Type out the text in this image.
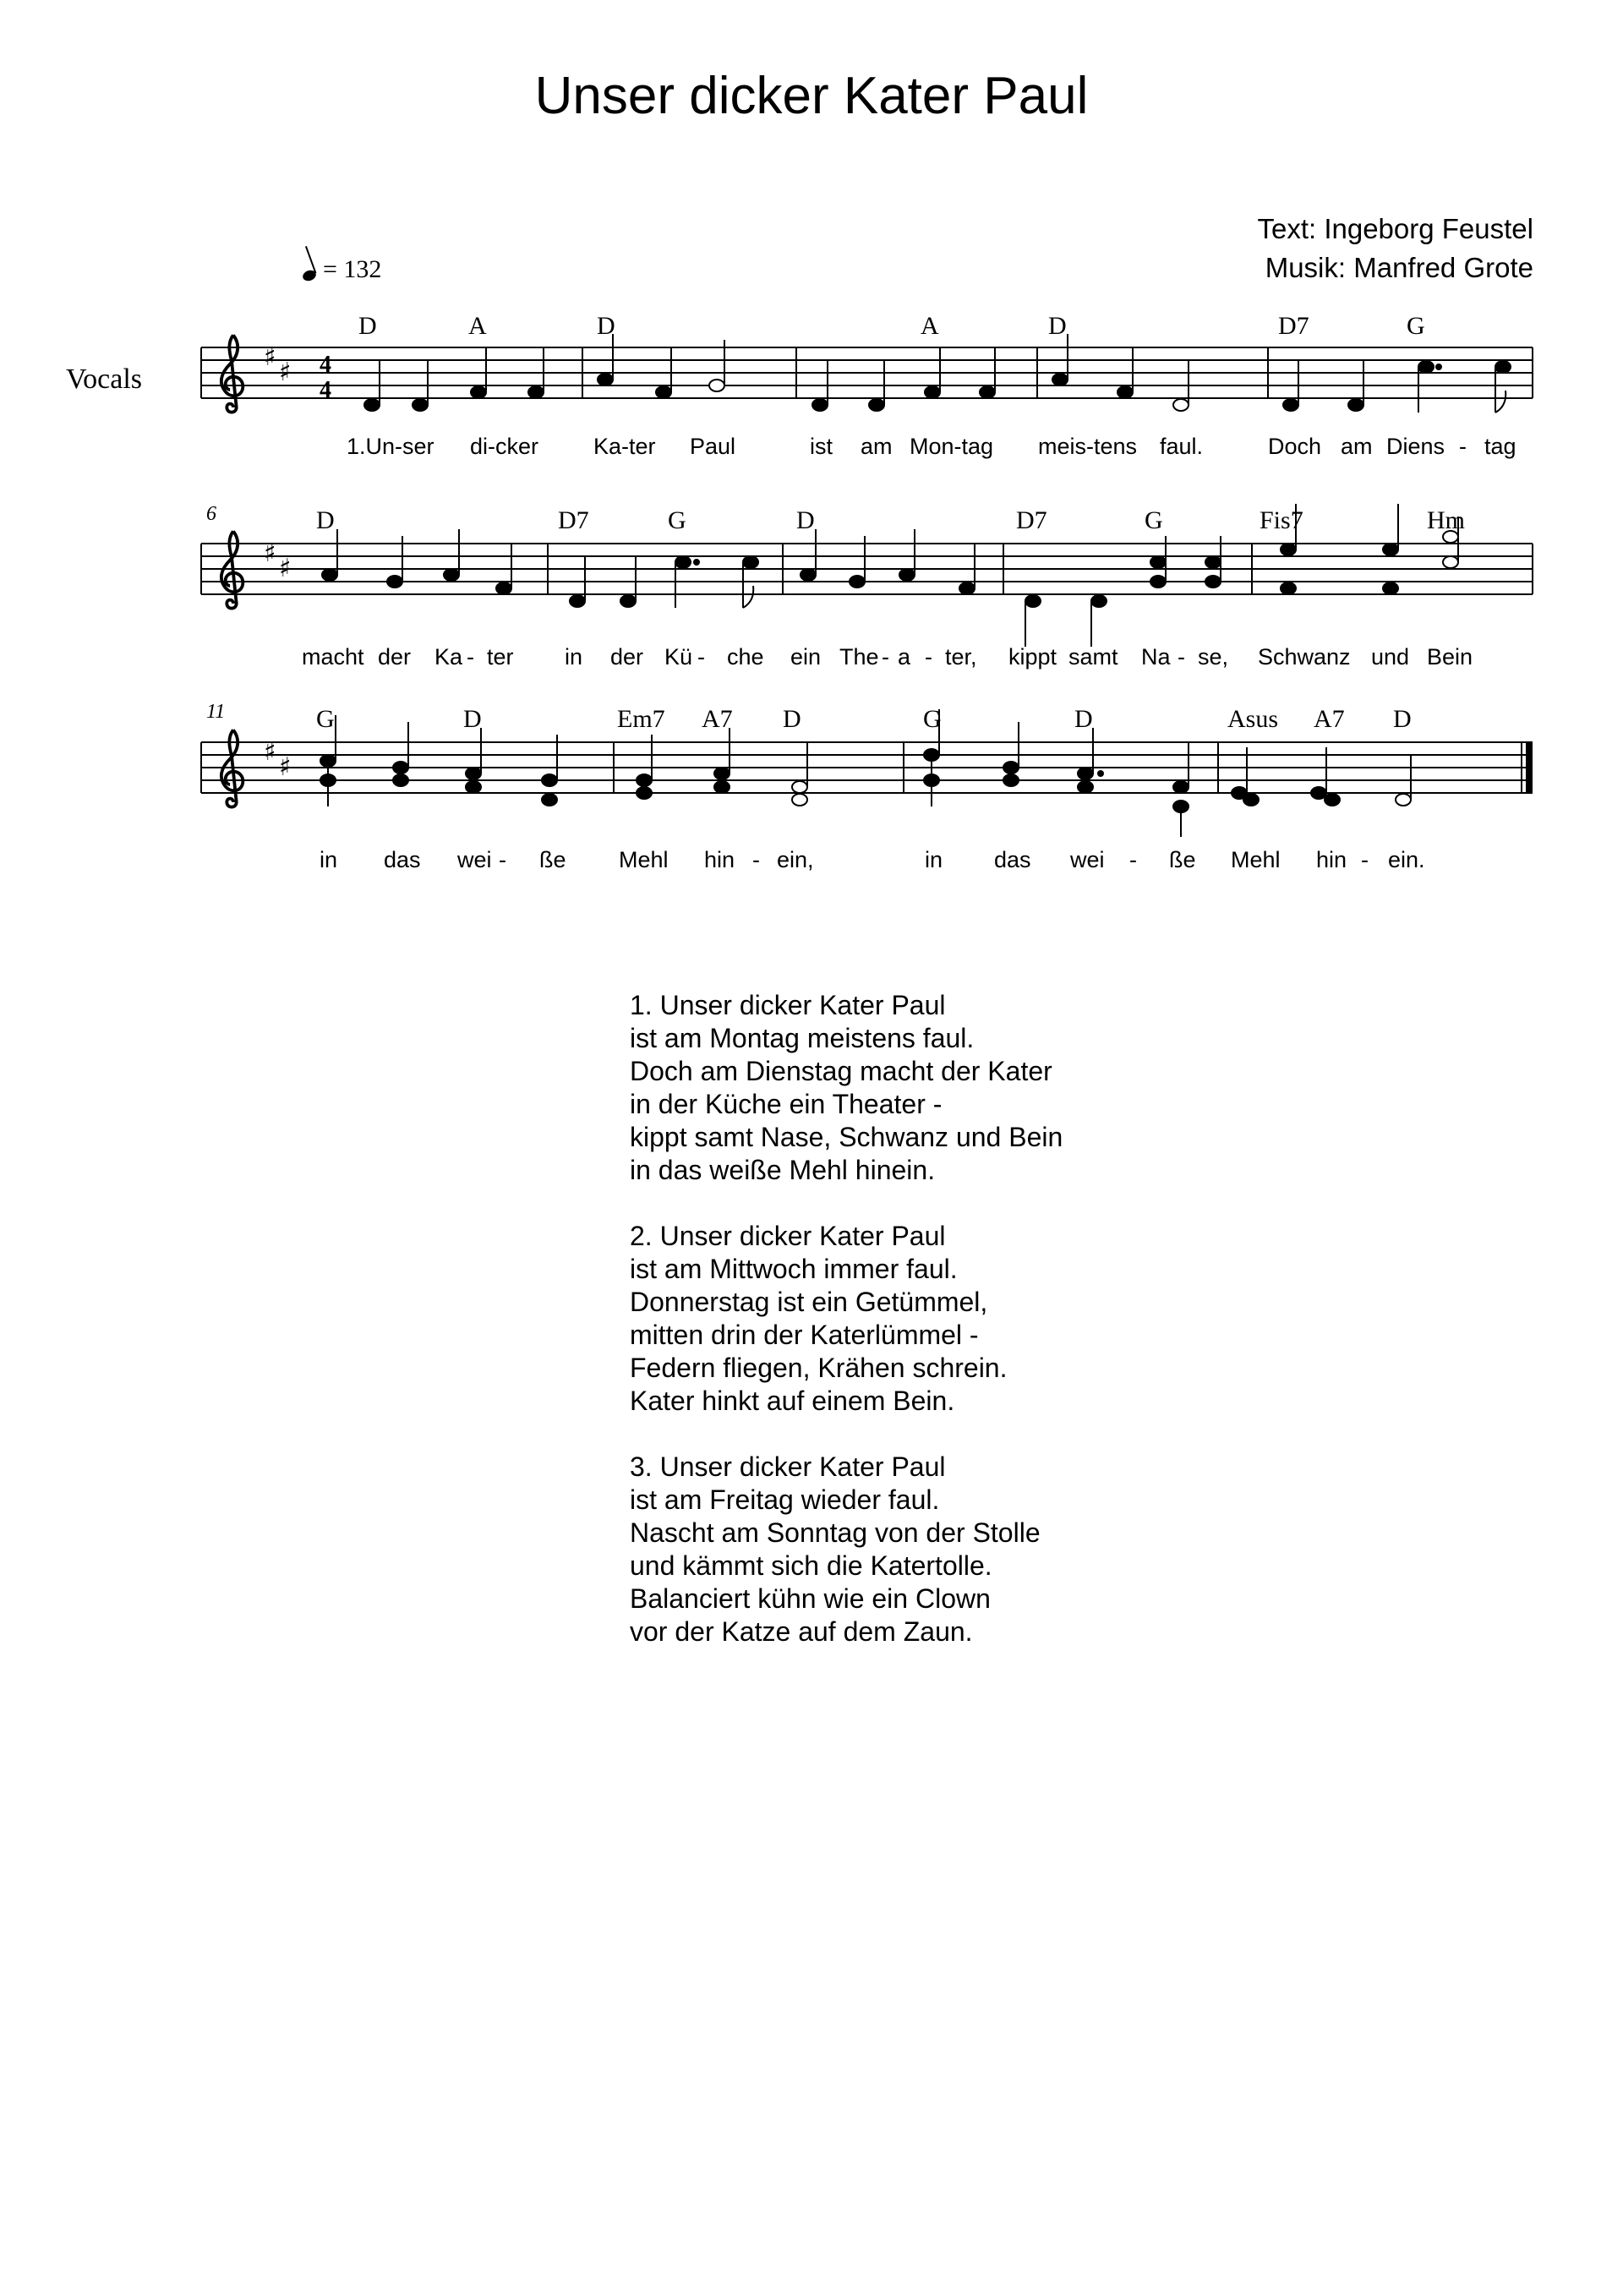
Unser dicker Kater Paul
Text: Ingeborg Feustel
Musik: Manfred Grote
= 132
Vocals
♯
♯ 4
4
D	A	D	A	D	D7	G
1.Un-ser di-cker Ka-ter Paul	ist am Mon-tag meis-tens faul.	Doch am Diens - tag
6
♯
♯
D	D7	G	D	D7	G	Fis7	Hm
macht der Ka - ter in der Kü - che ein The - a - ter, kippt samt Na - se, Schwanz und Bein
11
♯
♯
G	D	Em7 A7 D	G	D	Asus A7 D
in das wei - ße Mehl hin - ein,	in das wei - ße Mehl hin - ein.
1. Unser dicker Kater Paul
ist am Montag meistens faul.
Doch am Dienstag macht der Kater
in der Küche ein Theater -
kippt samt Nase, Schwanz und Bein
in das weiße Mehl hinein.
2. Unser dicker Kater Paul
ist am Mittwoch immer faul.
Donnerstag ist ein Getümmel,
mitten drin der Katerlümmel -
Federn fliegen, Krähen schrein.
Kater hinkt auf einem Bein.
3. Unser dicker Kater Paul
ist am Freitag wieder faul.
Nascht am Sonntag von der Stolle
und kämmt sich die Katertolle.
Balanciert kühn wie ein Clown
vor der Katze auf dem Zaun.
